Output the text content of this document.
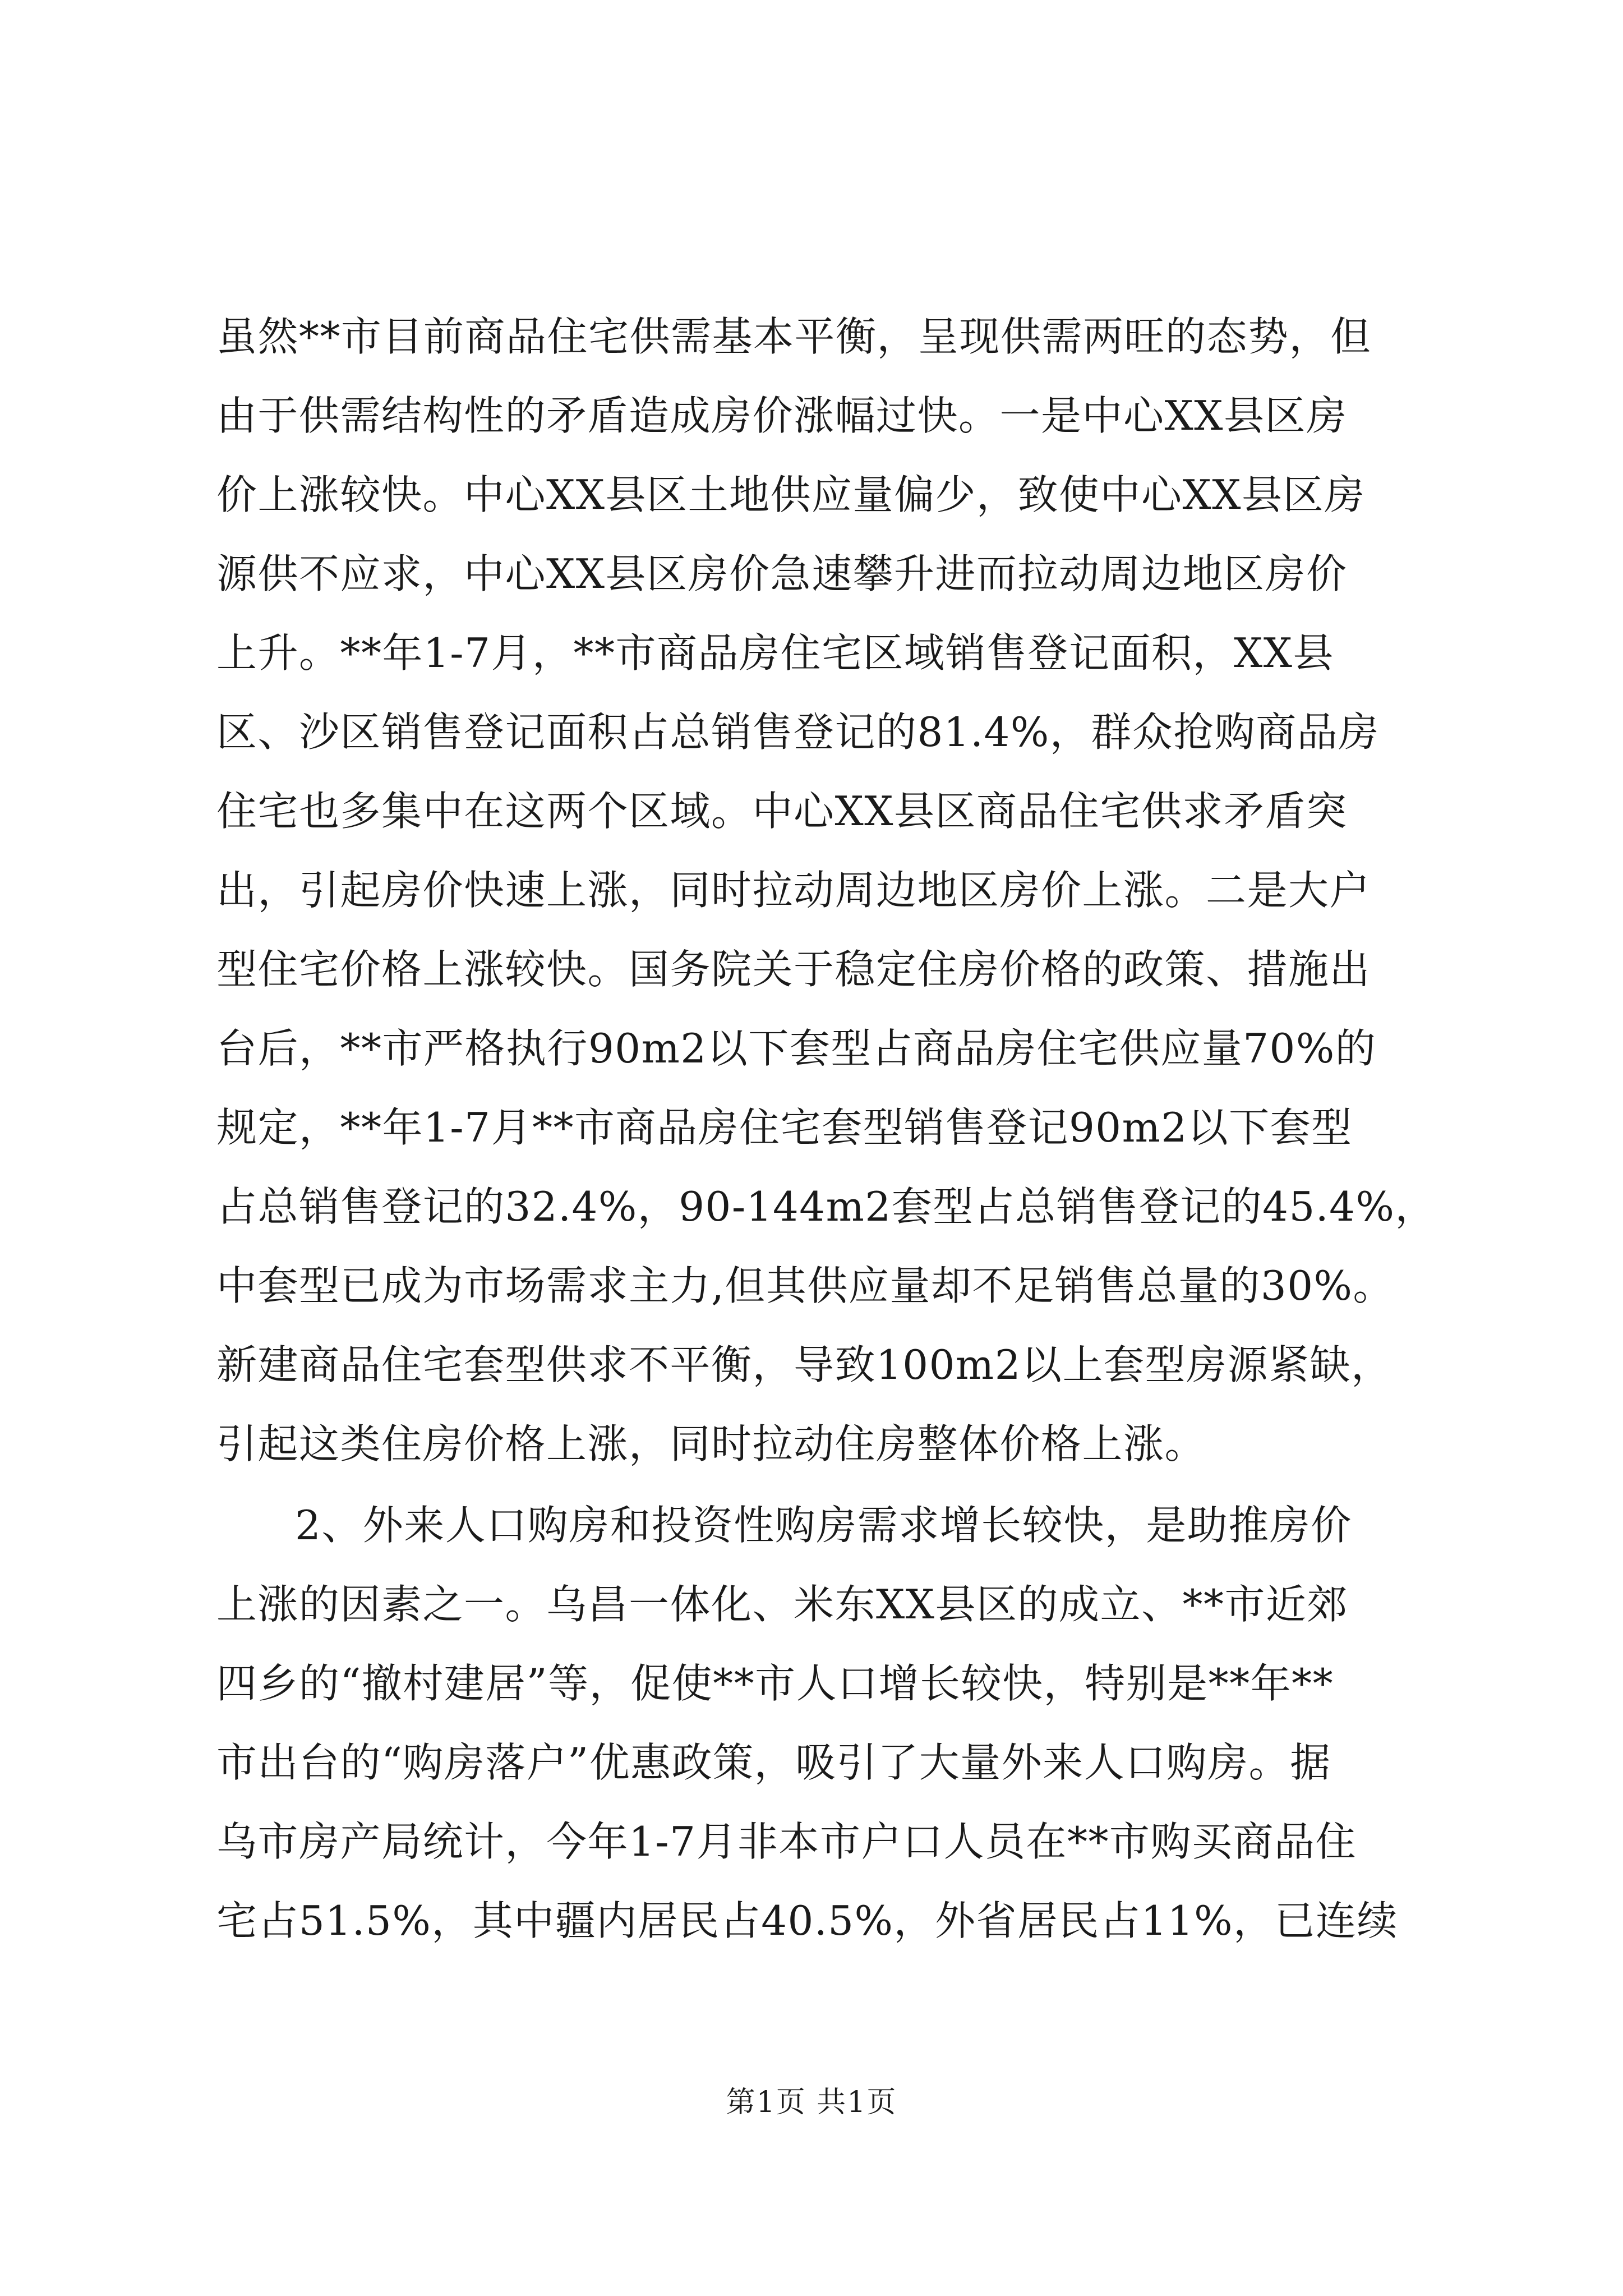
虽然**市目前商品住宅供需基本平衡，呈现供需两旺的态势，但
由于供需结构性的矛盾造成房价涨幅过快。一是中心XX县区房
价上涨较快。中心XX县区土地供应量偏少，致使中心XX县区房
源供不应求，中心XX县区房价急速攀升进而拉动周边地区房价
上升。**年1-7月，**市商品房住宅区域销售登记面积，XX县
区、沙区销售登记面积占总销售登记的81.4%，群众抢购商品房
住宅也多集中在这两个区域。中心XX县区商品住宅供求矛盾突
出，引起房价快速上涨，同时拉动周边地区房价上涨。二是大户
型住宅价格上涨较快。国务院关于稳定住房价格的政策、措施出
台后，**市严格执行90m2以下套型占商品房住宅供应量70%的
规定，**年1-7月**市商品房住宅套型销售登记90m2以下套型
占总销售登记的32.4%，90-144m2套型占总销售登记的45.4%，
中套型已成为市场需求主力,但其供应量却不足销售总量的30%。
新建商品住宅套型供求不平衡，导致100m2以上套型房源紧缺，
引起这类住房价格上涨，同时拉动住房整体价格上涨。
2、外来人口购房和投资性购房需求增长较快，是助推房价
上涨的因素之一。乌昌一体化、米东XX县区的成立、**市近郊
四乡的“撤村建居”等，促使**市人口增长较快，特别是**年**
市出台的“购房落户”优惠政策，吸引了大量外来人口购房。据
乌市房产局统计，今年1-7月非本市户口人员在**市购买商品住
宅占51.5%，其中疆内居民占40.5%，外省居民占11%，已连续
第1页 共1页
